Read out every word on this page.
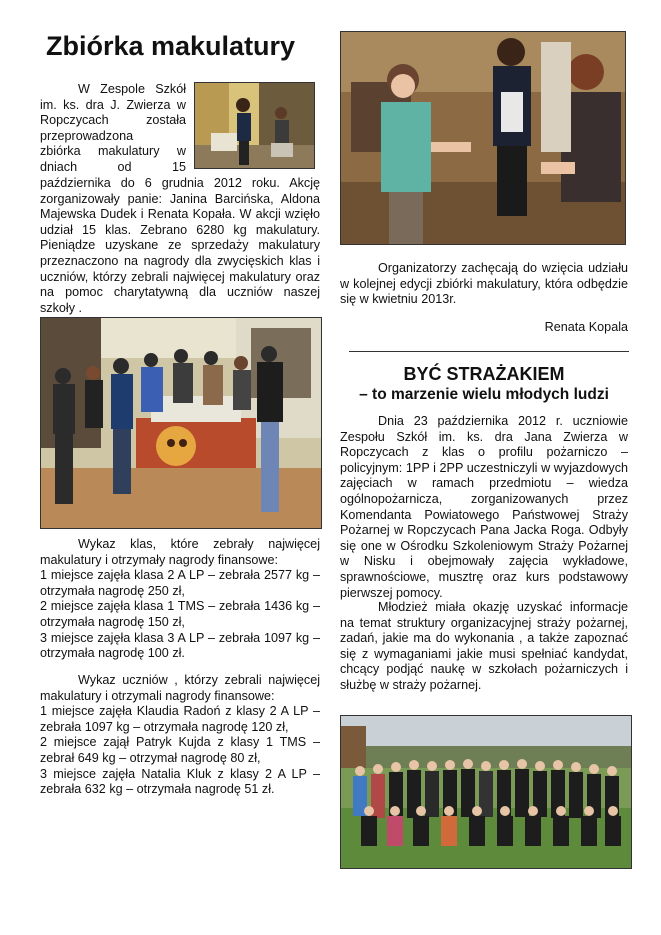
Zbiórka makulatury

W Zespole Szkół

im. ks. dra J. Zwierza w

Ropczycach została

przeprowadzona

zbiórka makulatury w

dniach od 15

października do 6 grudnia 2012 roku. Akcję zorganizowały panie: Janina Barcińska, Aldona Majewska Dudek i Renata Kopała. W akcji wzięło udział 15 klas. Zebrano 6280 kg makulatury. Pieniądze uzyskane ze sprzedaży makulatury przeznaczono na nagrody dla zwycięskich klas i uczniów, którzy zebrali najwięcej makulatury oraz na pomoc charytatywną dla uczniów naszej szkoły .

Wykaz klas, które zebrały najwięcej makulatury i otrzymały nagrody finansowe:

1 miejsce zajęła klasa 2 A LP – zebrała 2577 kg – otrzymała nagrodę 250 zł,

2 miejsce zajęła klasa 1 TMS – zebrała 1436 kg – otrzymała nagrodę 150 zł,

3 miejsce zajęła klasa 3 A LP – zebrała 1097 kg – otrzymała nagrodę 100 zł.

Wykaz uczniów , którzy zebrali najwięcej makulatury i otrzymali nagrody finansowe:

1 miejsce zajęła Klaudia Radoń z klasy 2 A LP – zebrała 1097 kg – otrzymała nagrodę 120 zł,

2 miejsce zajął Patryk Kujda z klasy 1 TMS – zebrał 649 kg – otrzymał nagrodę 80 zł,

3 miejsce zajęła Natalia Kluk z klasy 2 A LP – zebrała 632 kg – otrzymała nagrodę 51 zł.

Organizatorzy zachęcają do wzięcia udziału w kolejnej edycji zbiórki makulatury, która odbędzie się w kwietniu 2013r.

Renata Kopala
BYĆ STRAŻAKIEM
– to marzenie wielu młodych ludzi

Dnia 23 października 2012 r. uczniowie Zespołu Szkół im. ks. dra Jana Zwierza w Ropczycach z klas o profilu pożarniczo – policyjnym: 1PP i 2PP uczestniczyli w wyjazdowych zajęciach w ramach przedmiotu – wiedza ogólnopożarnicza, zorganizowanych przez Komendanta Powiatowego Państwowej Straży Pożarnej w Ropczycach Pana Jacka Roga. Odbyły się one w Ośrodku Szkoleniowym Straży Pożarnej w Nisku i obejmowały zajęcia wykładowe, sprawnościowe, musztrę oraz kurs podstawowy pierwszej pomocy.

Młodzież miała okazję uzyskać informacje na temat struktury organizacyjnej straży pożarnej, zadań, jakie ma do wykonania , a także zapoznać się z wymaganiami jakie musi spełniać kandydat, chcący podjąć naukę w szkołach pożarniczych i służbę w straży pożarnej.
